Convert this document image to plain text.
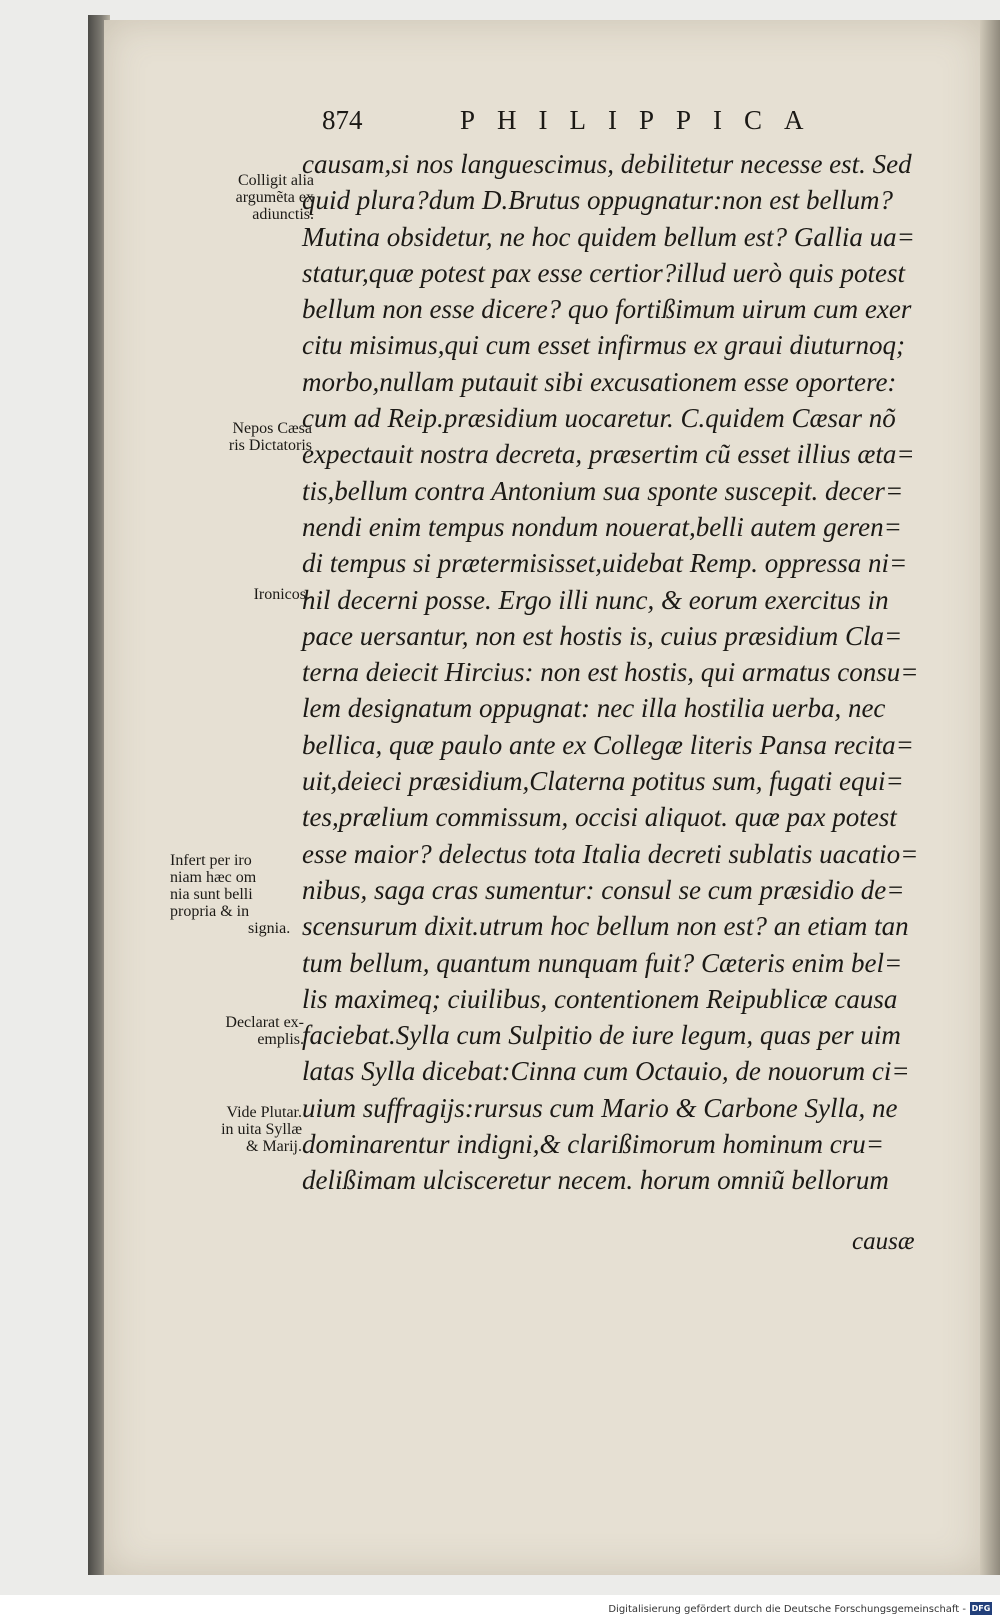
874	PHILIPPICA
causam,si nos languescimus, debilitetur necesse est. Sed
quid plura?dum D.Brutus oppugnatur:non est bellum?
Mutina obsidetur, ne hoc quidem bellum est? Gallia ua=
statur,quæ potest pax esse certior?illud uerò quis potest
bellum non esse dicere? quo fortißimum uirum cum exer
citu misimus,qui cum esset infirmus ex graui diuturnoq;
morbo,nullam putauit sibi excusationem esse oportere:
cum ad Reip.præsidium uocaretur. C.quidem Cæsar nõ
expectauit nostra decreta, præsertim cũ esset illius ætа=
tis,bellum contra Antonium sua sponte suscepit. decer=
nendi enim tempus nondum nouerat,belli autem geren=
di tempus si prætermisisset,uidebat Remp. oppressa ni=
hil decerni posse. Ergo illi nunc, & eorum exercitus in
pace uersantur, non est hostis is, cuius præsidium Cla=
terna deiecit Hircius: non est hostis, qui armatus consu=
lem designatum oppugnat: nec illa hostilia uerba, nec
bellica, quæ paulo ante ex Collegæ literis Pansa recita=
uit,deieci præsidium,Claterna potitus sum, fugati equi=
tes,prælium commissum, occisi aliquot. quæ pax potest
esse maior? delectus tota Italia decreti sublatis uacatio=
nibus, saga cras sumentur: consul se cum præsidio de=
scensurum dixit.utrum hoc bellum non est? an etiam tan
tum bellum, quantum nunquam fuit? Cæteris enim bel=
lis maximeq; ciuilibus, contentionem Reipublicæ causa
faciebat.Sylla cum Sulpitio de iure legum, quas per uim
latas Sylla dicebat:Cinna cum Octauio, de nouorum ci=
uium suffragijs:rursus cum Mario & Carbone Sylla, ne
dominarentur indigni,& clarißimorum hominum cru=
delißimam ulcisceretur necem. horum omniũ bellorum
Colligit alia
argumẽta ex
adiunctis.
Nepos Cæsa
ris Dictatoris
Ironicos.
Infert per iro
niam hæc om
nia sunt belli
propria & in
signia.
Declarat ex-
emplis.
Vide Plutar.
in uita Syllæ
& Marij.
causæ
Digitalisierung gefördert durch die Deutsche Forschungsgemeinschaft - DFG
